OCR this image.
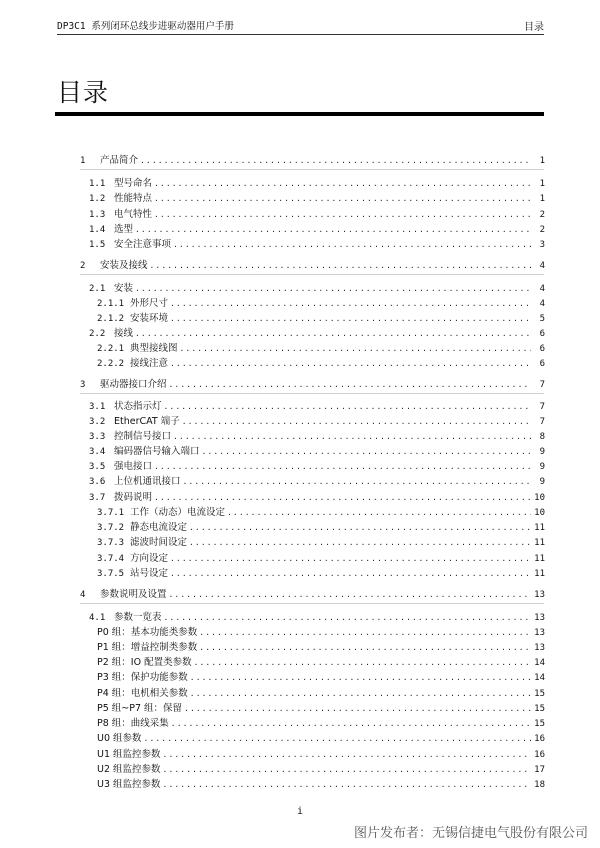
DP3C1 系列闭环总线步进驱动器用户手册	目录
目录
1	产品简介 .....	1
1.1 型号命名 .....	1
1.2 性能特点 .....	1
1.3 电气特性 .....	2
1.4 选型 .....	2
1.5 安全注意事项 .....	3
2	安装及接线 .....	4
2.1 安装 .....	4
2.1.1 外形尺寸 .....	4
2.1.2 安装环境 .....	5
2.2 接线 .....	6
2.2.1 典型接线图 .....	6
2.2.2 接线注意 .....	6
3	驱动器接口介绍 .....	7
3.1 状态指示灯 .....	7
3.2 EtherCAT 端子 .....	7
3.3 控制信号接口 .....	8
3.4 编码器信号输入端口 .....	9
3.5 强电接口 .....	9
3.6 上位机通讯接口 .....	9
3.7 拨码说明 .....	10
3.7.1 工作（动态）电流设定 .....	10
3.7.2 静态电流设定 .....	11
3.7.3 滤波时间设定 .....	11
3.7.4 方向设定 .....	11
3.7.5 站号设定 .....	11
4	参数说明及设置 .....	13
4.1 参数一览表 .....	13
P0 组：基本功能类参数 .....	13
P1 组：增益控制类参数 .....	13
P2 组：IO 配置类参数 .....	14
P3 组：保护功能参数 .....	14
P4 组：电机相关参数 .....	15
P5 组~P7 组：保留 .....	15
P8 组：曲线采集 .....	15
U0 组参数 .....	16
U1 组监控参数 .....	16
U2 组监控参数 .....	17
U3 组监控参数 .....	18
i
图片发布者：无锡信捷电气股份有限公司
